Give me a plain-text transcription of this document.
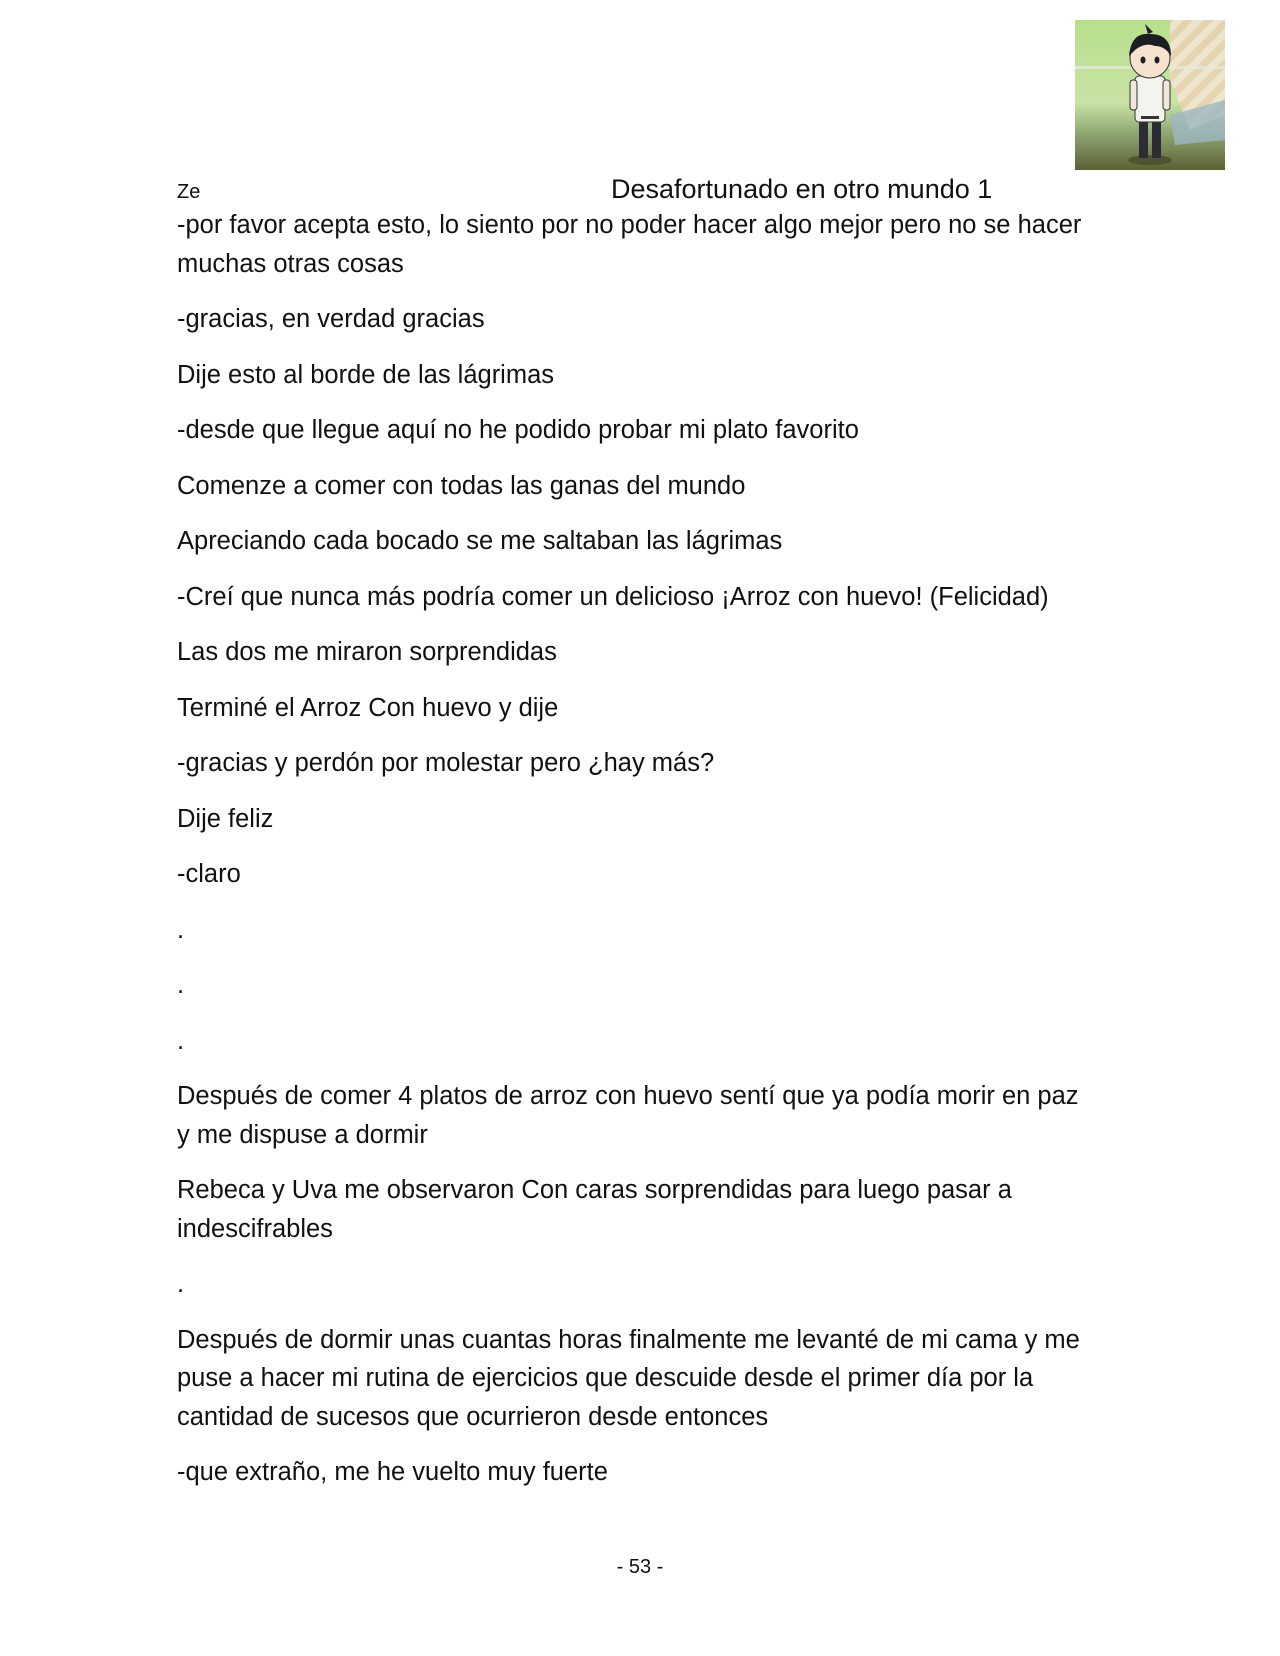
Ze	Desafortunado en otro mundo 1

-por favor acepta esto, lo siento por no poder hacer algo mejor pero no se hacer muchas otras cosas

-gracias, en verdad gracias

Dije esto al borde de las lágrimas

-desde que llegue aquí no he podido probar mi plato favorito

Comenze a comer con todas las ganas del mundo

Apreciando cada bocado se me saltaban las lágrimas

-Creí que nunca más podría comer un delicioso ¡Arroz con huevo! (Felicidad)

Las dos me miraron sorprendidas

Terminé el Arroz Con huevo y dije

-gracias y perdón por molestar pero ¿hay más?

Dije feliz

-claro

.

.

.

Después de comer 4 platos de arroz con huevo sentí que ya podía morir en paz y me dispuse a dormir

Rebeca y Uva me observaron Con caras sorprendidas para luego pasar a indescifrables

.

Después de dormir unas cuantas horas finalmente me levanté de mi cama y me puse a hacer mi rutina de ejercicios que descuide desde el primer día por la cantidad de sucesos que ocurrieron desde entonces

-que extraño, me he vuelto muy fuerte

- 53 -
